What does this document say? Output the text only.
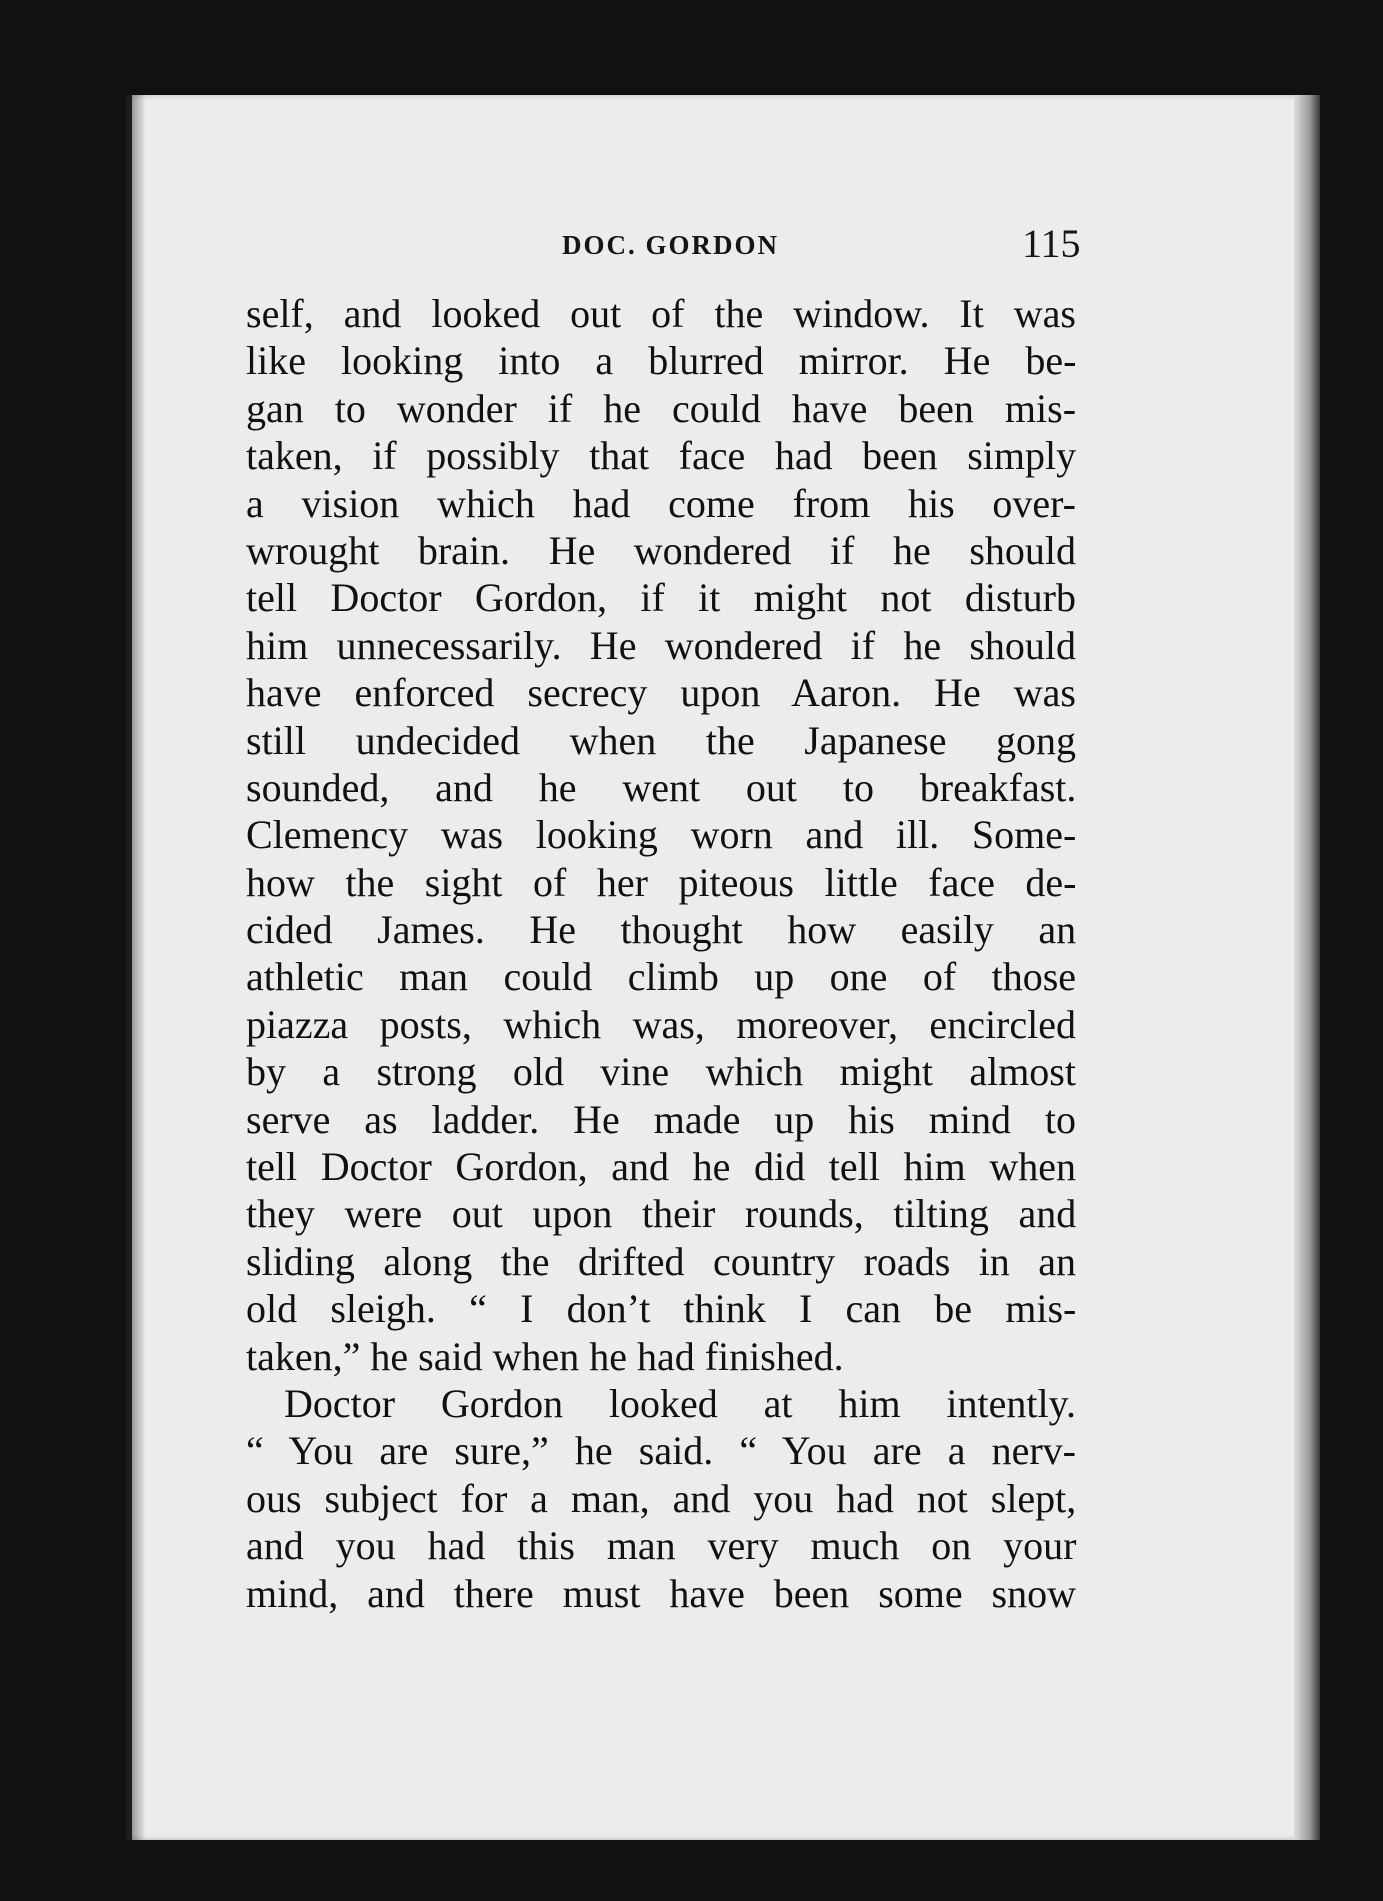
DOC. GORDON	115
self, and looked out of the window. It was
like looking into a blurred mirror. He be-
gan to wonder if he could have been mis-
taken, if possibly that face had been simply
a vision which had come from his over-
wrought brain. He wondered if he should
tell Doctor Gordon, if it might not disturb
him unnecessarily. He wondered if he should
have enforced secrecy upon Aaron. He was
still undecided when the Japanese gong
sounded, and he went out to breakfast.
Clemency was looking worn and ill. Some-
how the sight of her piteous little face de-
cided James. He thought how easily an
athletic man could climb up one of those
piazza posts, which was, moreover, encircled
by a strong old vine which might almost
serve as ladder. He made up his mind to
tell Doctor Gordon, and he did tell him when
they were out upon their rounds, tilting and
sliding along the drifted country roads in an
old sleigh. “ I don’t think I can be mis-
taken,” he said when he had finished.
Doctor Gordon looked at him intently.
“ You are sure,” he said. “ You are a nerv-
ous subject for a man, and you had not slept,
and you had this man very much on your
mind, and there must have been some snow
